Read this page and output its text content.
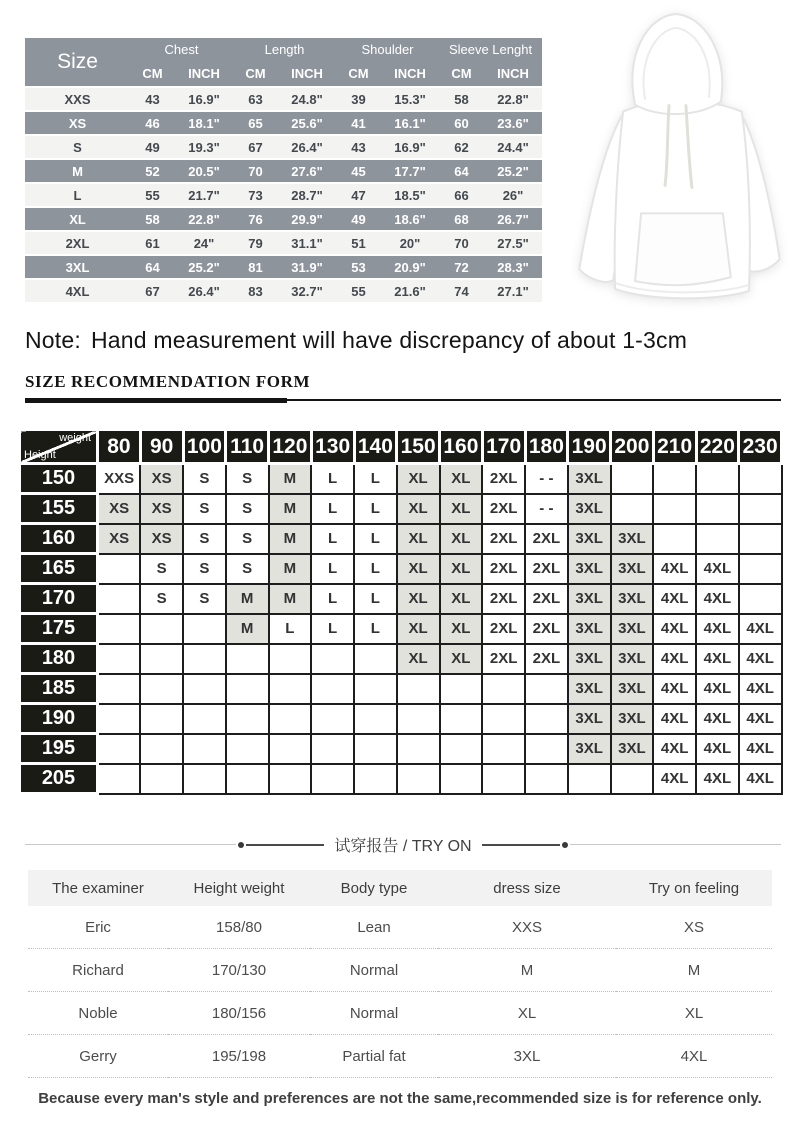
Size	Chest		Length		Shoulder		Sleeve Lenght	
	CM	INCH	CM	INCH	CM	INCH	CM	INCH
XXS	43	16.9"	63	24.8"	39	15.3"	58	22.8"
XS	46	18.1"	65	25.6"	41	16.1"	60	23.6"
S	49	19.3"	67	26.4"	43	16.9"	62	24.4"
M	52	20.5"	70	27.6"	45	17.7"	64	25.2"
L	55	21.7"	73	28.7"	47	18.5"	66	26"
XL	58	22.8"	76	29.9"	49	18.6"	68	26.7"
2XL	61	24"	79	31.1"	51	20"	70	27.5"
3XL	64	25.2"	81	31.9"	53	20.9"	72	28.3"
4XL	67	26.4"	83	32.7"	55	21.6"	74	27.1"
Note: Hand measurement will have discrepancy of about 1-3cm
SIZE RECOMMENDATION FORM
weight
Height	80	90	100	110	120	130	140	150	160	170	180	190	200	210	220	230
150	XXS	XS	S	S	M	L	L	XL	XL	2XL	- -	3XL				
155	XS	XS	S	S	M	L	L	XL	XL	2XL	- -	3XL				
160	XS	XS	S	S	M	L	L	XL	XL	2XL	2XL	3XL	3XL			
165		S	S	S	M	L	L	XL	XL	2XL	2XL	3XL	3XL	4XL	4XL	
170		S	S	M	M	L	L	XL	XL	2XL	2XL	3XL	3XL	4XL	4XL	
175				M	L	L	L	XL	XL	2XL	2XL	3XL	3XL	4XL	4XL	4XL
180								XL	XL	2XL	2XL	3XL	3XL	4XL	4XL	4XL
185												3XL	3XL	4XL	4XL	4XL
190												3XL	3XL	4XL	4XL	4XL
195												3XL	3XL	4XL	4XL	4XL
205														4XL	4XL	4XL
试穿报告 / TRY ON
The examiner	Height weight	Body type	dress size	Try on feeling
Eric	158/80	Lean	XXS	XS
Richard	170/130	Normal	M	M
Noble	180/156	Normal	XL	XL
Gerry	195/198	Partial fat	3XL	4XL
Because every man's style and preferences are not the same,recommended size is for reference only.
